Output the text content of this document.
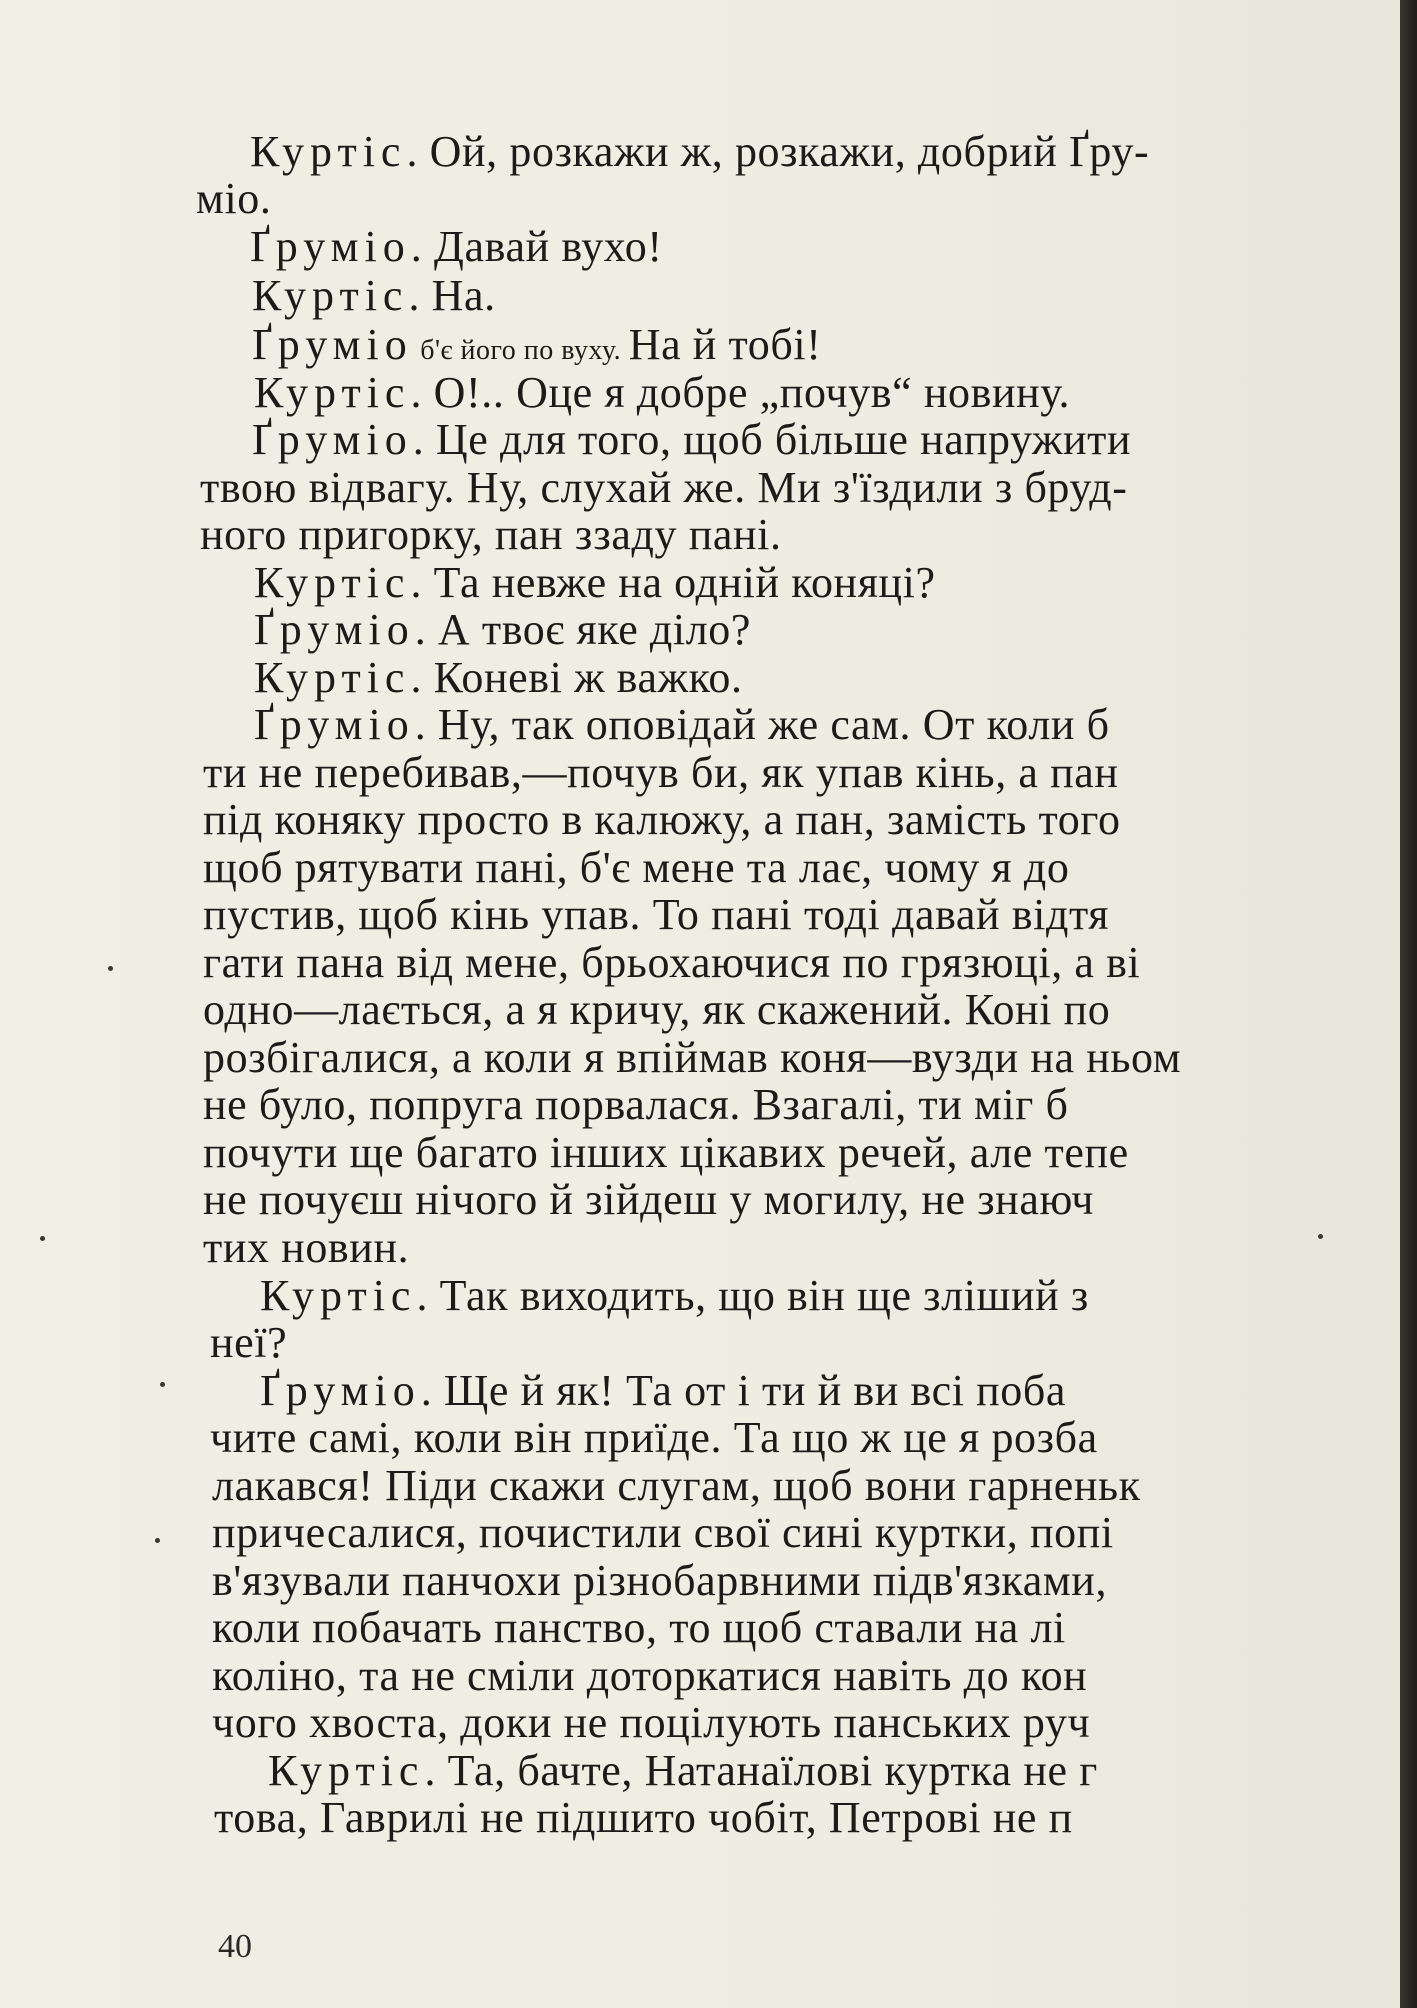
Куртіс. Ой, розкажи ж, розкажи, добрий Ґру-
міо.
Ґруміо. Давай вухо!
Куртіс. На.
Ґруміо б'є його по вуху. На й тобі!
Куртіс. О!.. Оце я добре „почув“ новину.
Ґруміо. Це для того, щоб більше напружити
твою відвагу. Ну, слухай же. Ми з'їздили з бруд-
ного пригорку, пан ззаду пані.
Куртіс. Та невже на одній коняці?
Ґруміо. А твоє яке діло?
Куртіс. Коневі ж важко.
Ґруміо. Ну, так оповідай же сам. От коли б
ти не перебивав,—почув би, як упав кінь, а пан
під коняку просто в калюжу, а пан, замість того
щоб рятувати пані, б'є мене та лає, чому я до
пустив, щоб кінь упав. То пані тоді давай відтя
гати пана від мене, брьохаючися по грязюці, а ві
одно—лається, а я кричу, як скажений. Коні по
розбігалися, а коли я впіймав коня—вузди на ньом
не було, попруга порвалася. Взагалі, ти міг б
почути ще багато інших цікавих речей, але тепе
не почуєш нічого й зійдеш у могилу, не знаюч
тих новин.
Куртіс. Так виходить, що він ще зліший з
неї?
Ґруміо. Ще й як! Та от і ти й ви всі поба
чите самі, коли він приїде. Та що ж це я розба
лакався! Піди скажи слугам, щоб вони гарненьк
причесалися, почистили свої сині куртки, попі
в'язували панчохи різнобарвними підв'язками,
коли побачать панство, то щоб ставали на лі
коліно, та не сміли доторкатися навіть до кон
чого хвоста, доки не поцілують панських руч
Куртіс. Та, бачте, Натанаїлові куртка не г
това, Гаврилі не підшито чобіт, Петрові не п
40
